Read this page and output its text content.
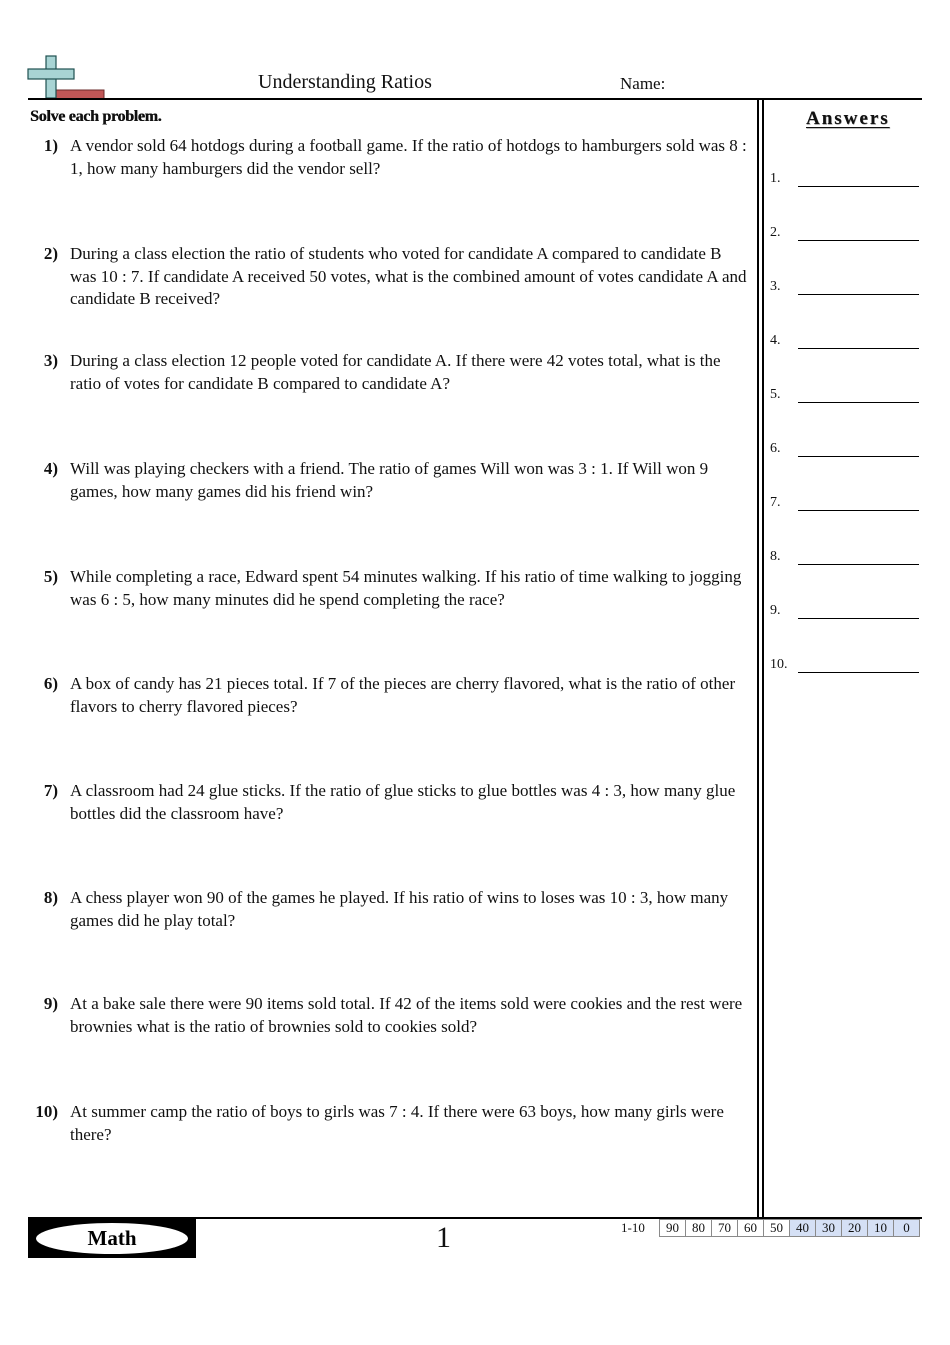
Understanding Ratios	Name:
Solve each problem.
1) A vendor sold 64 hotdogs during a football game. If the ratio of hotdogs to hamburgers sold was 8 : 1, how many hamburgers did the vendor sell?
2) During a class election the ratio of students who voted for candidate A compared to candidate B was 10 : 7. If candidate A received 50 votes, what is the combined amount of votes candidate A and candidate B received?
3) During a class election 12 people voted for candidate A. If there were 42 votes total, what is the ratio of votes for candidate B compared to candidate A?
4) Will was playing checkers with a friend. The ratio of games Will won was 3 : 1. If Will won 9 games, how many games did his friend win?
5) While completing a race, Edward spent 54 minutes walking. If his ratio of time walking to jogging was 6 : 5, how many minutes did he spend completing the race?
6) A box of candy has 21 pieces total. If 7 of the pieces are cherry flavored, what is the ratio of other flavors to cherry flavored pieces?
7) A classroom had 24 glue sticks. If the ratio of glue sticks to glue bottles was 4 : 3, how many glue bottles did the classroom have?
8) A chess player won 90 of the games he played. If his ratio of wins to loses was 10 : 3, how many games did he play total?
9) At a bake sale there were 90 items sold total. If 42 of the items sold were cookies and the rest were brownies what is the ratio of brownies sold to cookies sold?
10) At summer camp the ratio of boys to girls was 7 : 4. If there were 63 boys, how many girls were there?
Answers
1.
2.
3.
4.
5.
6.
7.
8.
9.
10.
Math	1	1-10	90	80	70	60	50	40	30	20	10	0
